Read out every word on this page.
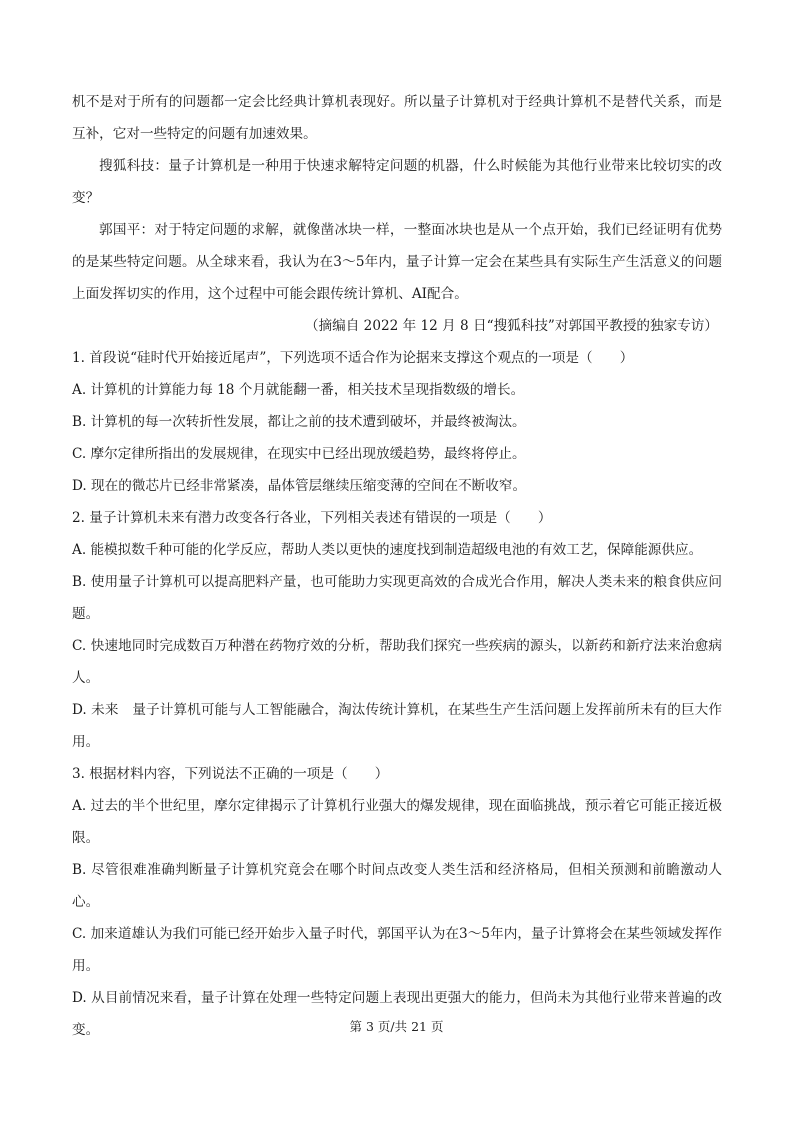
机不是对于所有的问题都一定会比经典计算机表现好。所以量子计算机对于经典计算机不是替代关系，而是互补，它对一些特定的问题有加速效果。

搜狐科技：量子计算机是一种用于快速求解特定问题的机器，什么时候能为其他行业带来比较切实的改变？

郭国平：对于特定问题的求解，就像凿冰块一样，一整面冰块也是从一个点开始，我们已经证明有优势的是某些特定问题。从全球来看，我认为在3～5年内，量子计算一定会在某些具有实际生产生活意义的问题上面发挥切实的作用，这个过程中可能会跟传统计算机、AI配合。

（摘编自 2022 年 12 月 8 日“搜狐科技”对郭国平教授的独家专访）

1. 首段说“硅时代开始接近尾声”，下列选项不适合作为论据来支撑这个观点的一项是（　　）

A. 计算机的计算能力每 18 个月就能翻一番，相关技术呈现指数级的增长。

B. 计算机的每一次转折性发展，都让之前的技术遭到破坏，并最终被淘汰。

C. 摩尔定律所指出的发展规律，在现实中已经出现放缓趋势，最终将停止。

D. 现在的微芯片已经非常紧凑，晶体管层继续压缩变薄的空间在不断收窄。

2. 量子计算机未来有潜力改变各行各业，下列相关表述有错误的一项是（　　）

A. 能模拟数千种可能的化学反应，帮助人类以更快的速度找到制造超级电池的有效工艺，保障能源供应。

B. 使用量子计算机可以提高肥料产量，也可能助力实现更高效的合成光合作用，解决人类未来的粮食供应问题。

C. 快速地同时完成数百万种潜在药物疗效的分析，帮助我们探究一些疾病的源头，以新药和新疗法来治愈病人。

D. 未来　量子计算机可能与人工智能融合，淘汰传统计算机，在某些生产生活问题上发挥前所未有的巨大作用。

3. 根据材料内容，下列说法不正确的一项是（　　）

A. 过去的半个世纪里，摩尔定律揭示了计算机行业强大的爆发规律，现在面临挑战，预示着它可能正接近极限。

B. 尽管很难准确判断量子计算机究竟会在哪个时间点改变人类生活和经济格局，但相关预测和前瞻激动人心。

C. 加来道雄认为我们可能已经开始步入量子时代，郭国平认为在3～5年内，量子计算将会在某些领域发挥作用。

D. 从目前情况来看，量子计算在处理一些特定问题上表现出更强大的能力，但尚未为其他行业带来普遍的改变。	第 3 页/共 21 页
